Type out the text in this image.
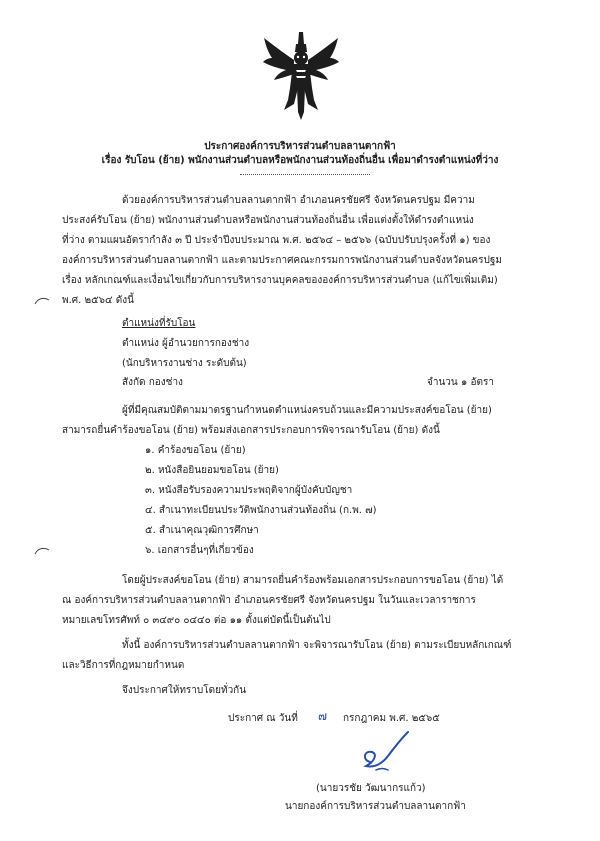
ประกาศองค์การบริหารส่วนตำบลลานตากฟ้า
เรื่อง รับโอน (ย้าย) พนักงานส่วนตำบลหรือพนักงานส่วนท้องถิ่นอื่น เพื่อมาดำรงตำแหน่งที่ว่าง
ด้วยองค์การบริหารส่วนตำบลลานตากฟ้า อำเภอนครชัยศรี จังหวัดนครปฐม มีความ
ประสงค์รับโอน (ย้าย) พนักงานส่วนตำบลหรือพนักงานส่วนท้องถิ่นอื่น เพื่อแต่งตั้งให้ดำรงตำแหน่ง
ที่ว่าง ตามแผนอัตรากำลัง ๓ ปี ประจำปีงบประมาณ พ.ศ. ๒๕๖๔ – ๒๕๖๖ (ฉบับปรับปรุงครั้งที่ ๑) ของ
องค์การบริหารส่วนตำบลลานตากฟ้า และตามประกาศคณะกรรมการพนักงานส่วนตำบลจังหวัดนครปฐม
เรื่อง หลักเกณฑ์และเงื่อนไขเกี่ยวกับการบริหารงานบุคคลขององค์การบริหารส่วนตำบล (แก้ไขเพิ่มเติม)
พ.ศ. ๒๕๖๔ ดังนี้
ตำแหน่งที่รับโอน
ตำแหน่ง ผู้อำนวยการกองช่าง
(นักบริหารงานช่าง ระดับต้น)
สังกัด กองช่าง	จำนวน ๑ อัตรา
ผู้ที่มีคุณสมบัติตามมาตรฐานกำหนดตำแหน่งครบถ้วนและมีความประสงค์ขอโอน (ย้าย)
สามารถยื่นคำร้องขอโอน (ย้าย) พร้อมส่งเอกสารประกอบการพิจารณารับโอน (ย้าย) ดังนี้
๑. คำร้องขอโอน (ย้าย)
๒. หนังสือยินยอมขอโอน (ย้าย)
๓. หนังสือรับรองความประพฤติจากผู้บังคับบัญชา
๔. สำเนาทะเบียนประวัติพนักงานส่วนท้องถิ่น (ก.พ. ๗)
๕. สำเนาคุณวุฒิการศึกษา
๖. เอกสารอื่นๆที่เกี่ยวข้อง
โดยผู้ประสงค์ขอโอน (ย้าย) สามารถยื่นคำร้องพร้อมเอกสารประกอบการขอโอน (ย้าย) ได้
ณ องค์การบริหารส่วนตำบลลานตากฟ้า อำเภอนครชัยศรี จังหวัดนครปฐม ในวันและเวลาราชการ
หมายเลขโทรศัพท์ ๐ ๓๔๙๐ ๐๔๔๐ ต่อ ๑๑ ตั้งแต่บัดนี้เป็นต้นไป
ทั้งนี้ องค์การบริหารส่วนตำบลลานตากฟ้า จะพิจารณารับโอน (ย้าย) ตามระเบียบหลักเกณฑ์
และวิธีการที่กฎหมายกำหนด
จึงประกาศให้ทราบโดยทั่วกัน
ประกาศ ณ วันที่ ๗ กรกฎาคม พ.ศ. ๒๕๖๕
(นายวรชัย วัฒนากรแก้ว)
นายกองค์การบริหารส่วนตำบลลานตากฟ้า
